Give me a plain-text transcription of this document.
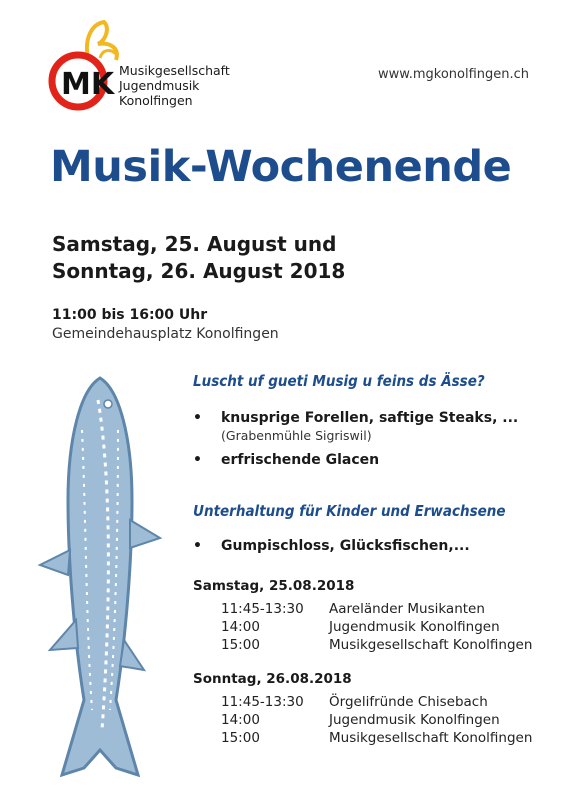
MK Musikgesellschaft
Jugendmusik
Konolfingen
www.mgkonolfingen.ch
Musik-Wochenende
Samstag, 25. August und
Sonntag, 26. August 2018
11:00 bis 16:00 Uhr
Gemeindehausplatz Konolfingen
Luscht uf gueti Musig u feins ds Ässe?
• knusprige Forellen, saftige Steaks, ...
(Grabenmühle Sigriswil)
• erfrischende Glacen
Unterhaltung für Kinder und Erwachsene
• Gumpischloss, Glücksfischen,...
Samstag, 25.08.2018
11:45-13:30 Aareländer Musikanten
14:00	Jugendmusik Konolfingen
15:00	Musikgesellschaft Konolfingen
Sonntag, 26.08.2018
11:45-13:30 Örgelifründe Chisebach
14:00	Jugendmusik Konolfingen
15:00	Musikgesellschaft Konolfingen
